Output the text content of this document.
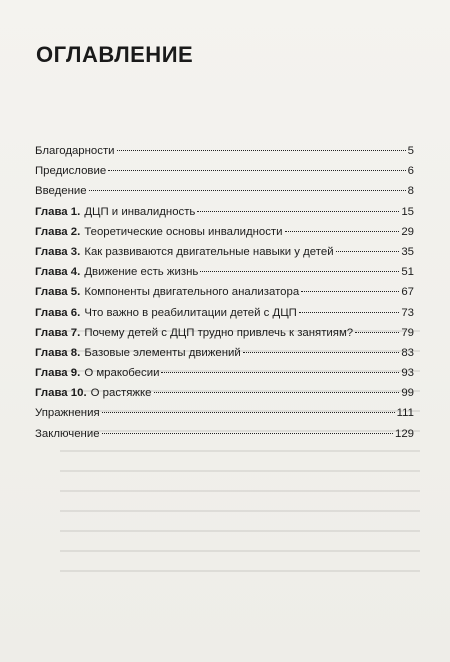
ОГЛАВЛЕНИЕ
Благодарности	5
Предисловие	6
Введение	8
Глава 1. ДЦП и инвалидность	15
Глава 2. Теоретические основы инвалидности	29
Глава 3. Как развиваются двигательные навыки у детей	35
Глава 4. Движение есть жизнь	51
Глава 5. Компоненты двигательного анализатора	67
Глава 6. Что важно в реабилитации детей с ДЦП	73
Глава 7. Почему детей с ДЦП трудно привлечь к занятиям?	79
Глава 8. Базовые элементы движений	83
Глава 9. О мракобесии	93
Глава 10. О растяжке	99
Упражнения	111
Заключение	129
